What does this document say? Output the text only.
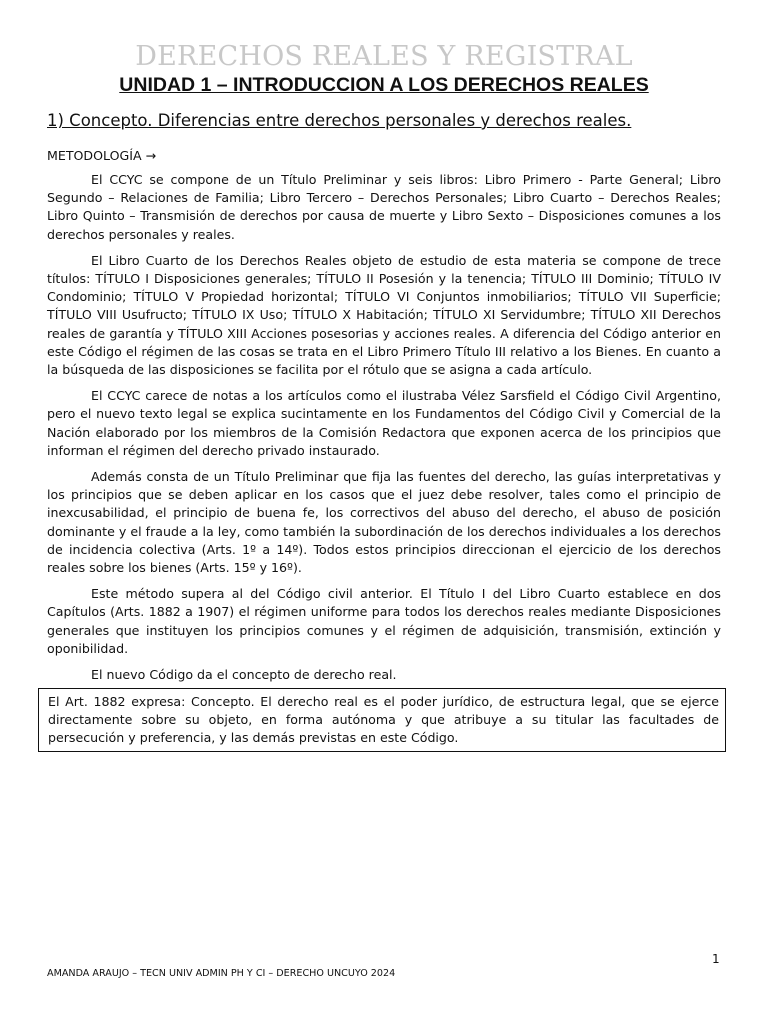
DERECHOS REALES Y REGISTRAL
UNIDAD 1 – INTRODUCCION A LOS DERECHOS REALES
1) Concepto. Diferencias entre derechos personales y derechos reales.
METODOLOGÍA →

El CCYC se compone de un Título Preliminar y seis libros: Libro Primero - Parte General; Libro Segundo – Relaciones de Familia; Libro Tercero – Derechos Personales; Libro Cuarto – Derechos Reales; Libro Quinto – Transmisión de derechos por causa de muerte y Libro Sexto – Disposiciones comunes a los derechos personales y reales.

El Libro Cuarto de los Derechos Reales objeto de estudio de esta materia se compone de trece títulos: TÍTULO I Disposiciones generales; TÍTULO II Posesión y la tenencia; TÍTULO III Dominio; TÍTULO IV Condominio; TÍTULO V Propiedad horizontal; TÍTULO VI Conjuntos inmobiliarios; TÍTULO VII Superficie; TÍTULO VIII Usufructo; TÍTULO IX Uso; TÍTULO X Habitación; TÍTULO XI Servidumbre; TÍTULO XII Derechos reales de garantía y TÍTULO XIII Acciones posesorias y acciones reales. A diferencia del Código anterior en este Código el régimen de las cosas se trata en el Libro Primero Título III relativo a los Bienes. En cuanto a la búsqueda de las disposiciones se facilita por el rótulo que se asigna a cada artículo.

El CCYC carece de notas a los artículos como el ilustraba Vélez Sarsfield el Código Civil Argentino, pero el nuevo texto legal se explica sucintamente en los Fundamentos del Código Civil y Comercial de la Nación elaborado por los miembros de la Comisión Redactora que exponen acerca de los principios que informan el régimen del derecho privado instaurado.

Además consta de un Título Preliminar que fija las fuentes del derecho, las guías interpretativas y los principios que se deben aplicar en los casos que el juez debe resolver, tales como el principio de inexcusabilidad, el principio de buena fe, los correctivos del abuso del derecho, el abuso de posición dominante y el fraude a la ley, como también la subordinación de los derechos individuales a los derechos de incidencia colectiva (Arts. 1º a 14º). Todos estos principios direccionan el ejercicio de los derechos reales sobre los bienes (Arts. 15º y 16º).

Este método supera al del Código civil anterior. El Título I del Libro Cuarto establece en dos Capítulos (Arts. 1882 a 1907) el régimen uniforme para todos los derechos reales mediante Disposiciones generales que instituyen los principios comunes y el régimen de adquisición, transmisión, extinción y oponibilidad.

El nuevo Código da el concepto de derecho real.

El Art. 1882 expresa: Concepto. El derecho real es el poder jurídico, de estructura legal, que se ejerce directamente sobre su objeto, en forma autónoma y que atribuye a su titular las facultades de persecución y preferencia, y las demás previstas en este Código.
1
AMANDA ARAUJO – TECN UNIV ADMIN PH Y CI – DERECHO UNCUYO 2024
